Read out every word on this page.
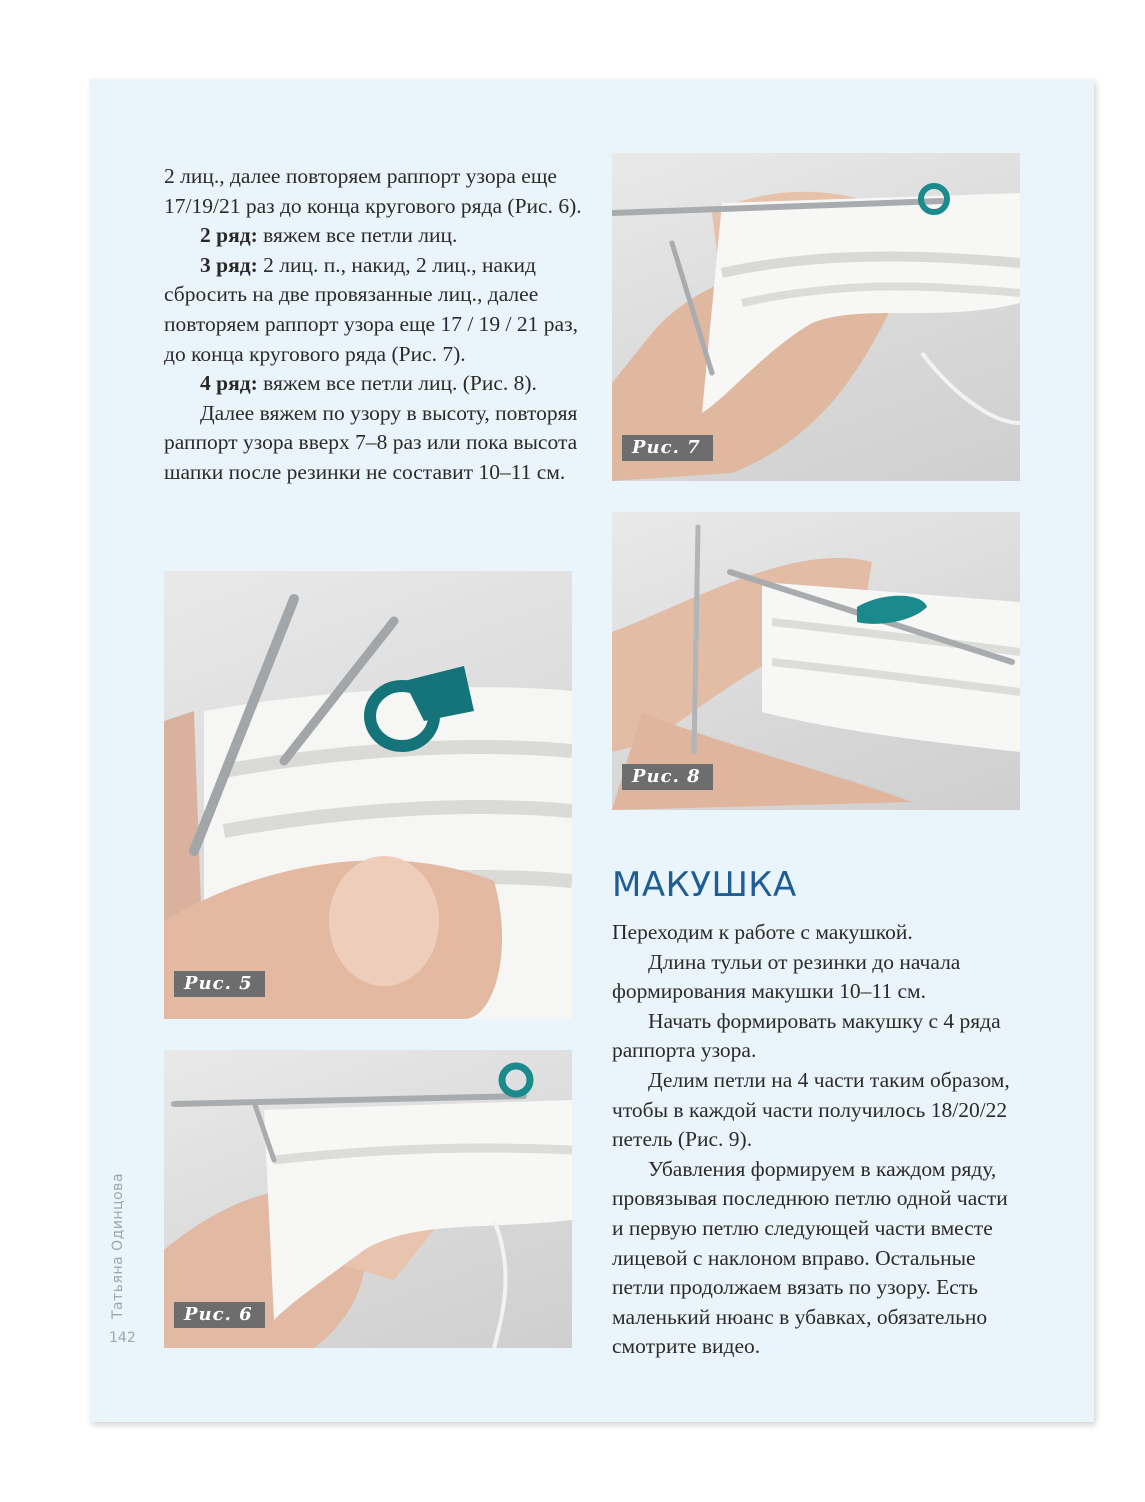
2 лиц., далее повторяем раппорт узора еще 17/19/21 раз до конца кругового ряда (Рис. 6).

2 ряд: вяжем все петли лиц.

3 ряд: 2 лиц. п., накид, 2 лиц., накид сбросить на две провязанные лиц., далее повторяем раппорт узора еще 17 / 19 / 21 раз, до конца кругового ряда (Рис. 7).

4 ряд: вяжем все петли лиц. (Рис. 8).

Далее вяжем по узору в высоту, повторяя раппорт узора вверх 7–8 раз или пока высота шапки после резинки не составит 10–11 см.

Рис. 7
Рис. 8
Рис. 5
Рис. 6
МАКУШКА

Переходим к работе с макушкой.

Длина тульи от резинки до начала формирования макушки 10–11 см.

Начать формировать макушку с 4 ряда раппорта узора.

Делим петли на 4 части таким образом, чтобы в каждой части получилось 18/20/22 петель (Рис. 9).

Убавления формируем в каждом ряду, провязывая последнюю петлю одной части и первую петлю следующей части вместе лицевой с наклоном вправо. Остальные петли продолжаем вязать по узору. Есть маленький нюанс в убавках, обязательно смотрите видео.

Татьяна Одинцова
142
